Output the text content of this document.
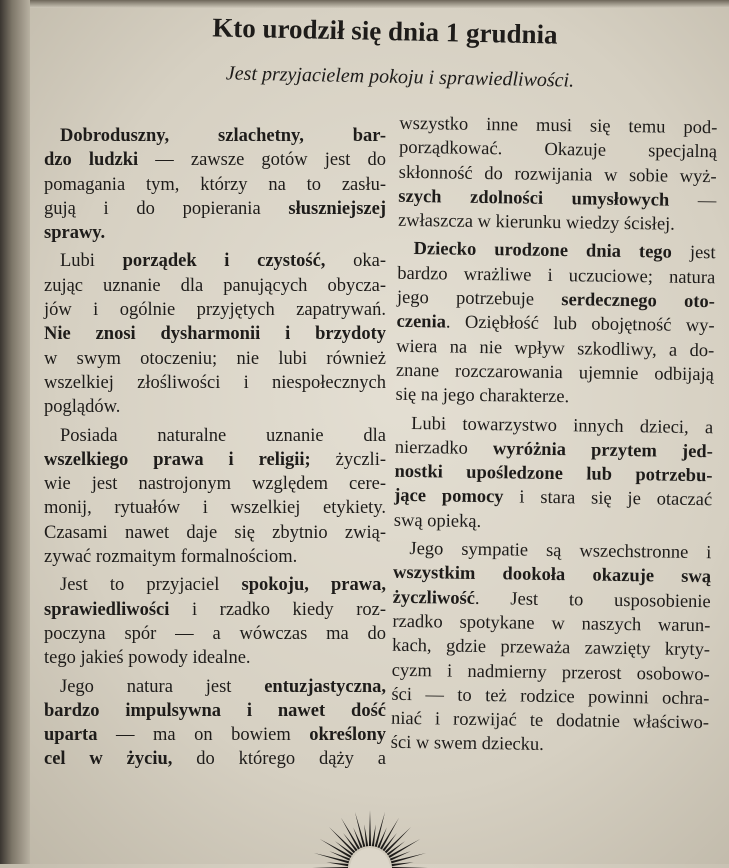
Kto urodził się dnia 1 grudnia
Jest przyjacielem pokoju i sprawiedliwości.
Dobroduszny, szlachetny, bar-
dzo ludzki — zawsze gotów jest do
pomagania tym, którzy na to zasłu-
gują i do popierania słuszniejszej
sprawy.
Lubi porządek i czystość, oka-
zując uznanie dla panujących obycza-
jów i ogólnie przyjętych zapatrywań.
Nie znosi dysharmonii i brzydoty
w swym otoczeniu; nie lubi również
wszelkiej złośliwości i niespołecznych
poglądów.
Posiada naturalne uznanie dla
wszelkiego prawa i religii; życzli-
wie jest nastrojonym względem cere-
monij, rytuałów i wszelkiej etykiety.
Czasami nawet daje się zbytnio zwią-
zywać rozmaitym formalnościom.
Jest to przyjaciel spokoju, prawa,
sprawiedliwości i rzadko kiedy roz-
poczyna spór — a wówczas ma do
tego jakieś powody idealne.
Jego natura jest entuzjastyczna,
bardzo impulsywna i nawet dość
uparta — ma on bowiem określony
cel w życiu, do którego dąży a
wszystko inne musi się temu pod-
porządkować. Okazuje specjalną
skłonność do rozwijania w sobie wyż-
szych zdolności umysłowych —
zwłaszcza w kierunku wiedzy ścisłej.
Dziecko urodzone dnia tego jest
bardzo wrażliwe i uczuciowe; natura
jego potrzebuje serdecznego oto-
czenia. Oziębłość lub obojętność wy-
wiera na nie wpływ szkodliwy, a do-
znane rozczarowania ujemnie odbijają
się na jego charakterze.
Lubi towarzystwo innych dzieci, a
nierzadko wyróżnia przytem jed-
nostki upośledzone lub potrzebu-
jące pomocy i stara się je otaczać
swą opieką.
Jego sympatie są wszechstronne i
wszystkim dookoła okazuje swą
życzliwość. Jest to usposobienie
rzadko spotykane w naszych warun-
kach, gdzie przeważa zawzięty kryty-
cyzm i nadmierny przerost osobowo-
ści — to też rodzice powinni ochra-
niać i rozwijać te dodatnie właściwo-
ści w swem dziecku.
